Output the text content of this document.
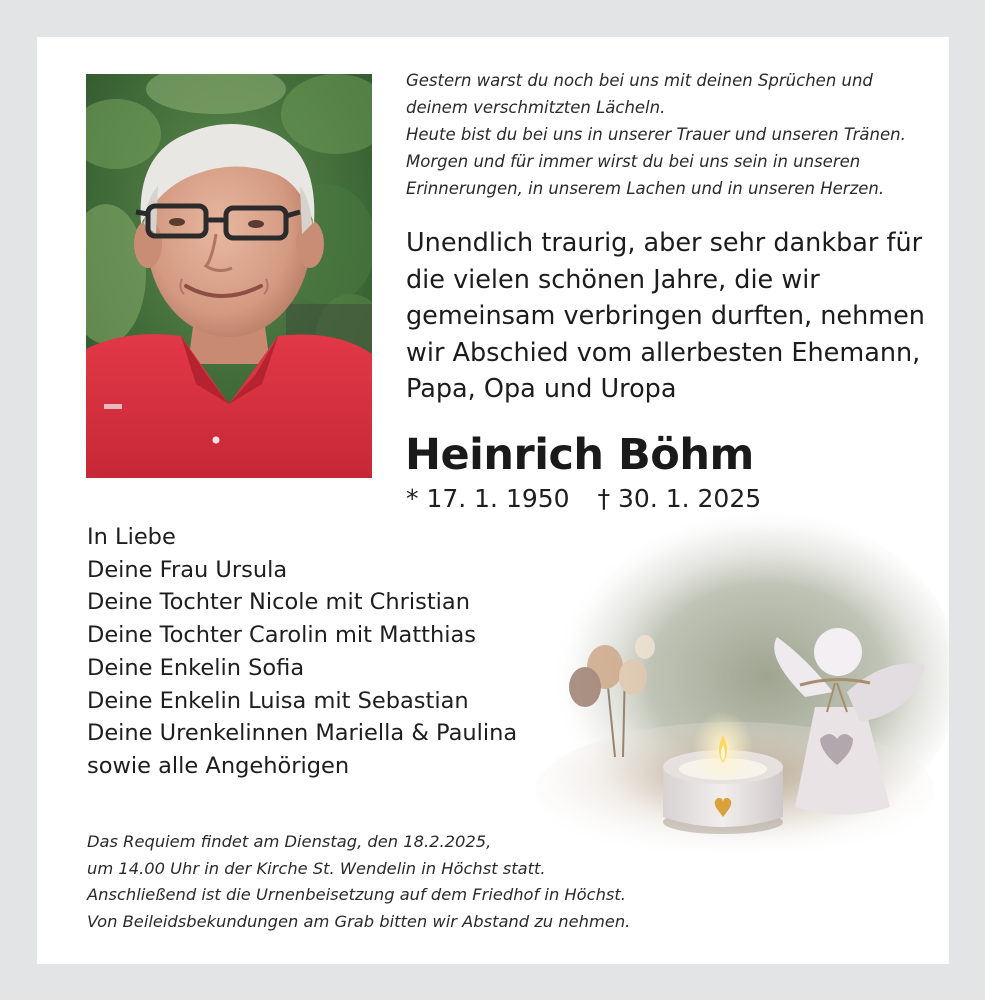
Gestern warst du noch bei uns mit deinen Sprüchen und
deinem verschmitzten Lächeln.
Heute bist du bei uns in unserer Trauer und unseren Tränen.
Morgen und für immer wirst du bei uns sein in unseren
Erinnerungen, in unserem Lachen und in unseren Herzen.
Unendlich traurig, aber sehr dankbar für
die vielen schönen Jahre, die wir
gemeinsam verbringen durften, nehmen
wir Abschied vom allerbesten Ehemann,
Papa, Opa und Uropa
Heinrich Böhm
* 17. 1. 1950 † 30. 1. 2025
In Liebe
Deine Frau Ursula
Deine Tochter Nicole mit Christian
Deine Tochter Carolin mit Matthias
Deine Enkelin Sofia
Deine Enkelin Luisa mit Sebastian
Deine Urenkelinnen Mariella & Paulina
sowie alle Angehörigen
Das Requiem findet am Dienstag, den 18.2.2025,
um 14.00 Uhr in der Kirche St. Wendelin in Höchst statt.
Anschließend ist die Urnenbeisetzung auf dem Friedhof in Höchst.
Von Beileidsbekundungen am Grab bitten wir Abstand zu nehmen.
